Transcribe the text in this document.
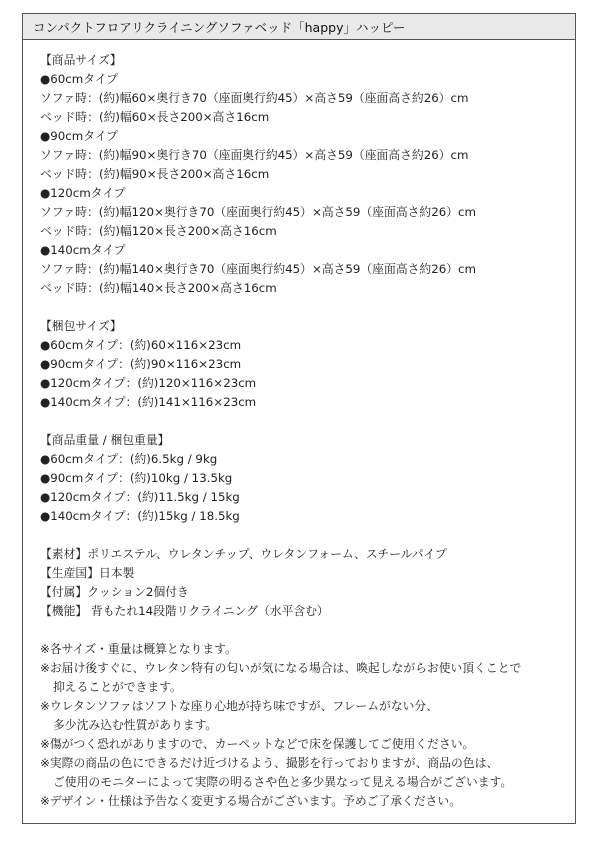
コンパクトフロアリクライニングソファベッド「happy」ハッピー
【商品サイズ】
●60cmタイプ
ソファ時：(約)幅60×奥行き70（座面奥行約45）×高さ59（座面高さ約26）cm
ベッド時：(約)幅60×長さ200×高さ16cm
●90cmタイプ
ソファ時：(約)幅90×奥行き70（座面奥行約45）×高さ59（座面高さ約26）cm
ベッド時：(約)幅90×長さ200×高さ16cm
●120cmタイプ
ソファ時：(約)幅120×奥行き70（座面奥行約45）×高さ59（座面高さ約26）cm
ベッド時：(約)幅120×長さ200×高さ16cm
●140cmタイプ
ソファ時：(約)幅140×奥行き70（座面奥行約45）×高さ59（座面高さ約26）cm
ベッド時：(約)幅140×長さ200×高さ16cm
【梱包サイズ】
●60cmタイプ：(約)60×116×23cm
●90cmタイプ：(約)90×116×23cm
●120cmタイプ：(約)120×116×23cm
●140cmタイプ：(約)141×116×23cm
【商品重量 / 梱包重量】
●60cmタイプ：(約)6.5kg / 9kg
●90cmタイプ：(約)10kg / 13.5kg
●120cmタイプ：(約)11.5kg / 15kg
●140cmタイプ：(約)15kg / 18.5kg
【素材】ポリエステル、ウレタンチップ、ウレタンフォーム、スチールパイプ
【生産国】日本製
【付属】クッション2個付き
【機能】 背もたれ14段階リクライニング（水平含む）
※各サイズ・重量は概算となります。
※お届け後すぐに、ウレタン特有の匂いが気になる場合は、喚起しながらお使い頂くことで
抑えることができます。
※ウレタンソファはソフトな座り心地が持ち味ですが、フレームがない分、
多少沈み込む性質があります。
※傷がつく恐れがありますので、カーペットなどで床を保護してご使用ください。
※実際の商品の色にできるだけ近づけるよう、撮影を行っておりますが、商品の色は、
ご使用のモニターによって実際の明るさや色と多少異なって見える場合がございます。
※デザイン・仕様は予告なく変更する場合がございます。予めご了承ください。
